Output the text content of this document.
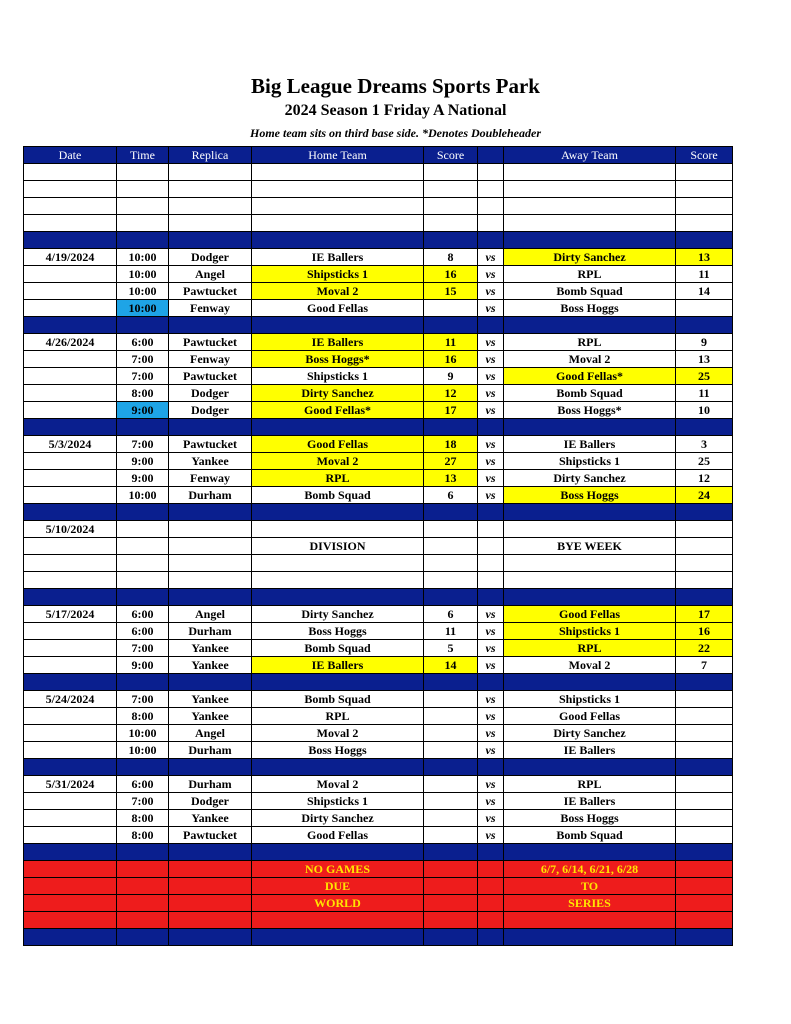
Big League Dreams Sports Park
2024 Season 1 Friday A National
Home team sits on third base side. *Denotes Doubleheader
Date	Time	Replica	Home Team	Score		Away Team	Score

4/19/2024	10:00	Dodger	IE Ballers	8	vs	Dirty Sanchez	13
	10:00	Angel	Shipsticks 1	16	vs	RPL	11
	10:00	Pawtucket	Moval 2	15	vs	Bomb Squad	14
	10:00	Fenway	Good Fellas		vs	Boss Hoggs	

4/26/2024	6:00	Pawtucket	IE Ballers	11	vs	RPL	9
	7:00	Fenway	Boss Hoggs*	16	vs	Moval 2	13
	7:00	Pawtucket	Shipsticks 1	9	vs	Good Fellas*	25
	8:00	Dodger	Dirty Sanchez	12	vs	Bomb Squad	11
	9:00	Dodger	Good Fellas*	17	vs	Boss Hoggs*	10

5/3/2024	7:00	Pawtucket	Good Fellas	18	vs	IE Ballers	3
	9:00	Yankee	Moval 2	27	vs	Shipsticks 1	25
	9:00	Fenway	RPL	13	vs	Dirty Sanchez	12
	10:00	Durham	Bomb Squad	6	vs	Boss Hoggs	24

5/10/2024							
			DIVISION			BYE WEEK	

5/17/2024	6:00	Angel	Dirty Sanchez	6	vs	Good Fellas	17
	6:00	Durham	Boss Hoggs	11	vs	Shipsticks 1	16
	7:00	Yankee	Bomb Squad	5	vs	RPL	22
	9:00	Yankee	IE Ballers	14	vs	Moval 2	7

5/24/2024	7:00	Yankee	Bomb Squad		vs	Shipsticks 1	
	8:00	Yankee	RPL		vs	Good Fellas	
	10:00	Angel	Moval 2		vs	Dirty Sanchez	
	10:00	Durham	Boss Hoggs		vs	IE Ballers	

5/31/2024	6:00	Durham	Moval 2		vs	RPL	
	7:00	Dodger	Shipsticks 1		vs	IE Ballers	
	8:00	Yankee	Dirty Sanchez		vs	Boss Hoggs	
	8:00	Pawtucket	Good Fellas		vs	Bomb Squad	

			NO GAMES			6/7, 6/14, 6/21, 6/28	
			DUE			TO	
			WORLD			SERIES	
